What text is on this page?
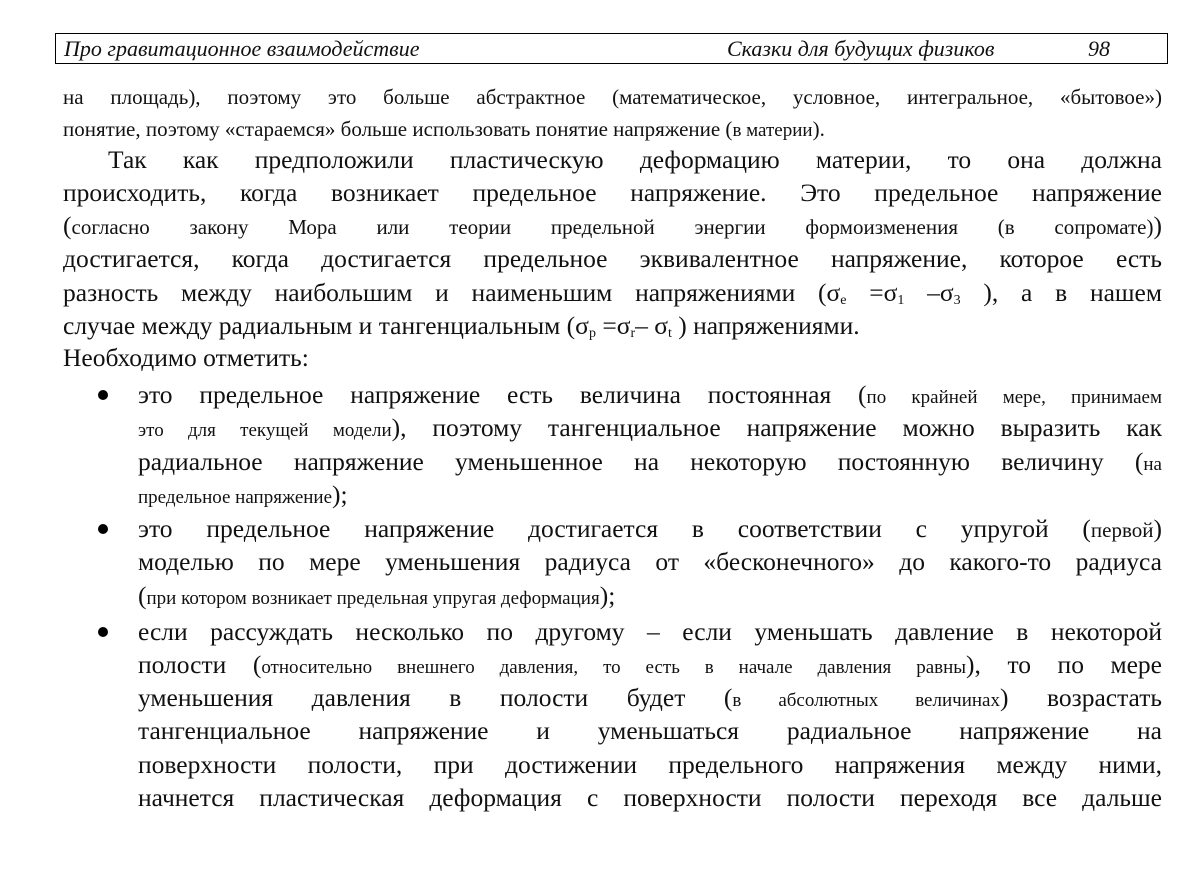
Про гравитационное взаимодействие	Сказки для будущих физиков	98
на площадь), поэтому это больше абстрактное (математическое, условное, интегральное, «бытовое»)
понятие, поэтому «стараемся» больше использовать понятие напряжение (в материи).
Так как предположили пластическую деформацию материи, то она должна
происходить, когда возникает предельное напряжение. Это предельное напряжение
(согласно закону Мора или теории предельной энергии формоизменения (в сопромате))
достигается, когда достигается предельное эквивалентное напряжение, которое есть
разность между наибольшим и наименьшим напряжениями ($\sigma_e =\sigma_1$ $-\sigma_3$ ), а в нашем
случае между радиальным и тангенциальным ($\sigma_p =\sigma_r-$ $\sigma_t$ ) напряжениями.
Необходимо отметить:
это предельное напряжение есть величина постоянная (по крайней мере, принимаем
это для текущей модели), поэтому тангенциальное напряжение можно выразить как
радиальное напряжение уменьшенное на некоторую постоянную величину (на
предельное напряжение);
это предельное напряжение достигается в соответствии с упругой (первой)
моделью по мере уменьшения радиуса от «бесконечного» до какого-то радиуса
(при котором возникает предельная упругая деформация);
если рассуждать несколько по другому – если уменьшать давление в некоторой
полости (относительно внешнего давления, то есть в начале давления равны), то по мере
уменьшения давления в полости будет (в абсолютных величинах) возрастать
тангенциальное напряжение и уменьшаться радиальное напряжение на
поверхности полости, при достижении предельного напряжения между ними,
начнется пластическая деформация с поверхности полости переходя все дальше
